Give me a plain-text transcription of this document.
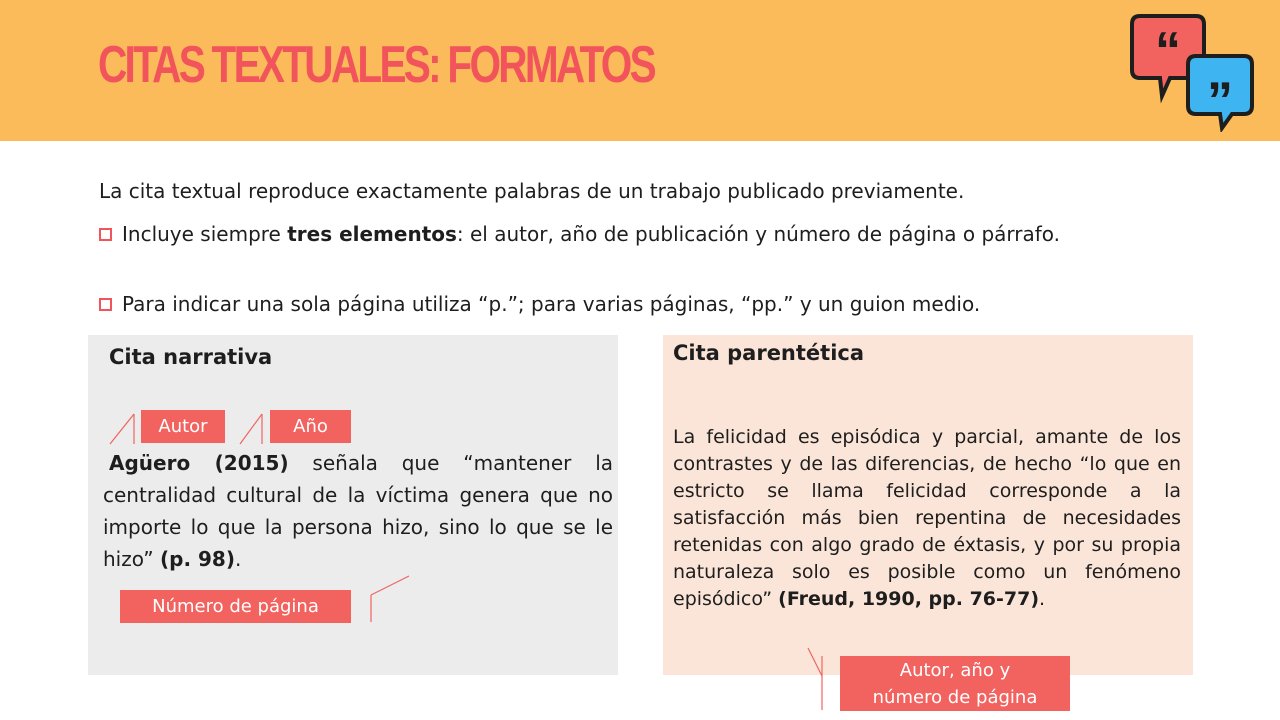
CITAS TEXTUALES: FORMATOS	“
”

La cita textual reproduce exactamente palabras de un trabajo publicado previamente.

Incluye siempre tres elementos: el autor, año de publicación y número de página o párrafo.

Para indicar una sola página utiliza “p.”; para varias páginas, “pp.” y un guion medio.

Cita narrativa	Cita parentética
Autor	Año

Agüero (2015) señala que “mantener la centralidad cultural de la víctima genera que no importe lo que la persona hizo, sino lo que se le hizo” (p. 98).

Número de página

La felicidad es episódica y parcial, amante de los contrastes y de las diferencias, de hecho “lo que en estricto se llama felicidad corresponde a la satisfacción más bien repentina de necesidades retenidas con algo grado de éxtasis, y por su propia naturaleza solo es posible como un fenómeno episódico” (Freud, 1990, pp. 76-77).

Autor, año y
número de página
